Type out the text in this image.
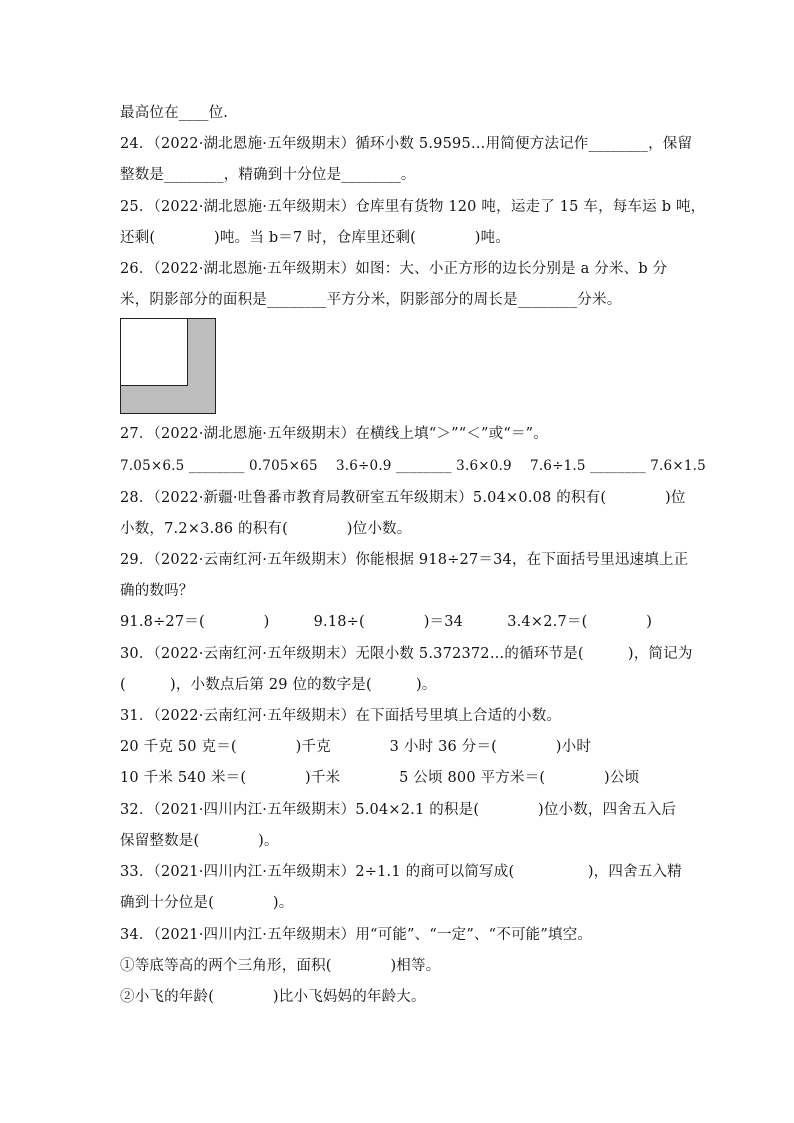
最高位在____位.
24．（2022·湖北恩施·五年级期末）循环小数 5.9595…用简便方法记作________，保留
整数是________，精确到十分位是________。
25．（2022·湖北恩施·五年级期末）仓库里有货物 120 吨，运走了 15 车，每车运 b 吨，
还剩(　　　　)吨。当 b＝7 时，仓库里还剩(　　　　)吨。
26．（2022·湖北恩施·五年级期末）如图：大、小正方形的边长分别是 a 分米、b 分
米，阴影部分的面积是________平方分米，阴影部分的周长是________分米。
27．（2022·湖北恩施·五年级期末）在横线上填“＞”“＜”或“＝”。
7.05×6.5 ________ 0.705×65　 3.6÷0.9 ________ 3.6×0.9　 7.6÷1.5 ________ 7.6×1.5
28．（2022·新疆·吐鲁番市教育局教研室五年级期末）5.04×0.08 的积有(　　　　)位
小数，7.2×3.86 的积有(　　　　)位小数。
29．（2022·云南红河·五年级期末）你能根据 918÷27＝34，在下面括号里迅速填上正
确的数吗？
91.8÷27＝(　　　　)　　　9.18÷(　　　　)＝34　　　3.4×2.7＝(　　　　)
30．（2022·云南红河·五年级期末）无限小数 5.372372…的循环节是(　　　)，简记为
(　　　)，小数点后第 29 位的数字是(　　　)。
31．（2022·云南红河·五年级期末）在下面括号里填上合适的小数。
20 千克 50 克＝(　　　　)千克　　　　3 小时 36 分＝(　　　　)小时
10 千米 540 米＝(　　　　)千米　　　　5 公顷 800 平方米＝(　　　　)公顷
32．（2021·四川内江·五年级期末）5.04×2.1 的积是(　　　　)位小数，四舍五入后
保留整数是(　　　　)。
33．（2021·四川内江·五年级期末）2÷1.1 的商可以简写成(　　　　　)，四舍五入精
确到十分位是(　　　　)。
34．（2021·四川内江·五年级期末）用“可能”、“一定”、“不可能”填空。
①等底等高的两个三角形，面积(　　　　)相等。
②小飞的年龄(　　　　)比小飞妈妈的年龄大。
